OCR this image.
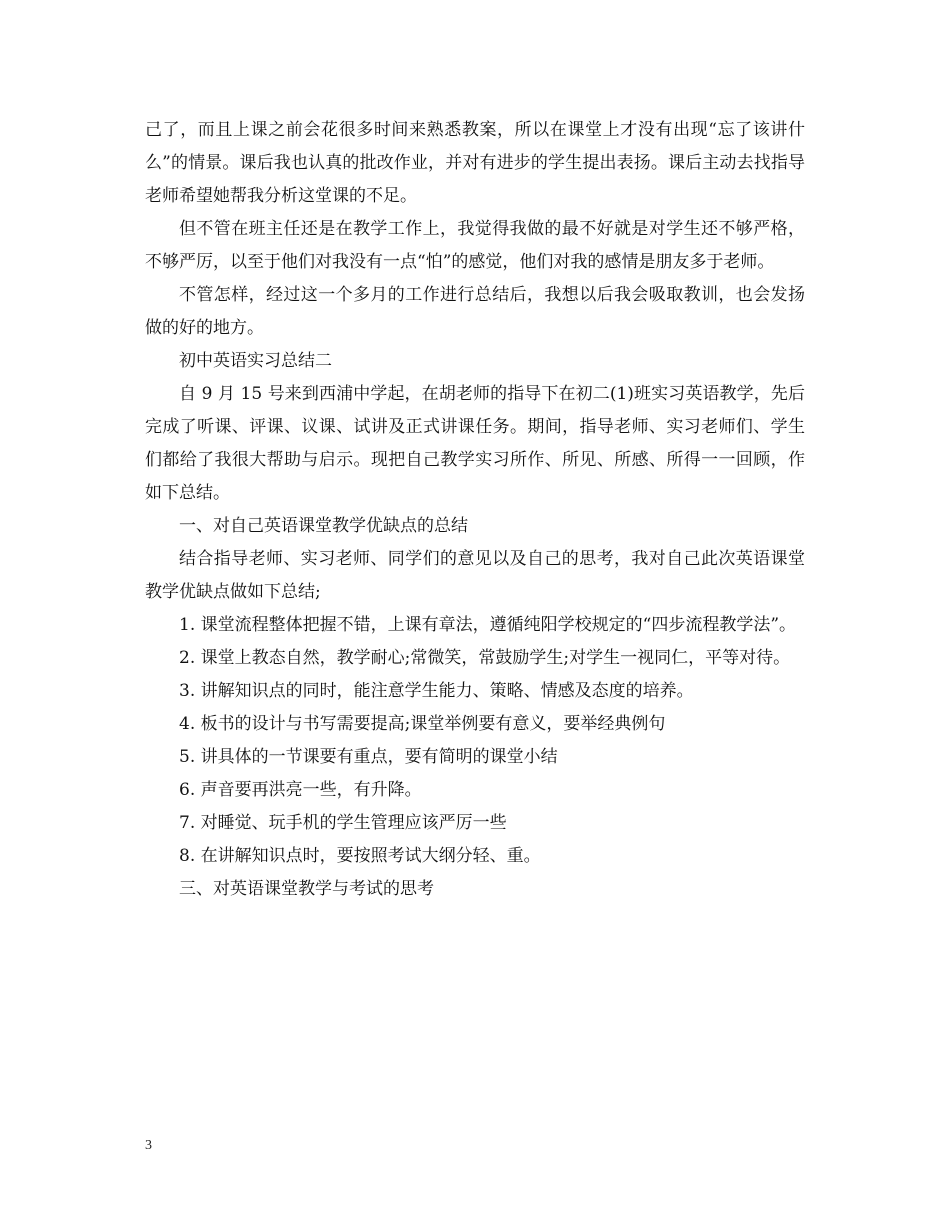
己了，而且上课之前会花很多时间来熟悉教案，所以在课堂上才没有出现“忘了该讲什么”的情景。课后我也认真的批改作业，并对有进步的学生提出表扬。课后主动去找指导老师希望她帮我分析这堂课的不足。

但不管在班主任还是在教学工作上，我觉得我做的最不好就是对学生还不够严格，不够严厉，以至于他们对我没有一点“怕”的感觉，他们对我的感情是朋友多于老师。

不管怎样，经过这一个多月的工作进行总结后，我想以后我会吸取教训，也会发扬做的好的地方。

初中英语实习总结二

自 9 月 15 号来到西浦中学起，在胡老师的指导下在初二(1)班实习英语教学，先后完成了听课、评课、议课、试讲及正式讲课任务。期间，指导老师、实习老师们、学生们都给了我很大帮助与启示。现把自己教学实习所作、所见、所感、所得一一回顾，作如下总结。

一、对自己英语课堂教学优缺点的总结

结合指导老师、实习老师、同学们的意见以及自己的思考，我对自己此次英语课堂教学优缺点做如下总结;

1. 课堂流程整体把握不错，上课有章法，遵循纯阳学校规定的“四步流程教学法”。

2. 课堂上教态自然，教学耐心;常微笑，常鼓励学生;对学生一视同仁，平等对待。

3. 讲解知识点的同时，能注意学生能力、策略、情感及态度的培养。

4. 板书的设计与书写需要提高;课堂举例要有意义，要举经典例句

5. 讲具体的一节课要有重点，要有简明的课堂小结

6. 声音要再洪亮一些，有升降。

7. 对睡觉、玩手机的学生管理应该严厉一些

8. 在讲解知识点时，要按照考试大纲分轻、重。

三、对英语课堂教学与考试的思考

3
